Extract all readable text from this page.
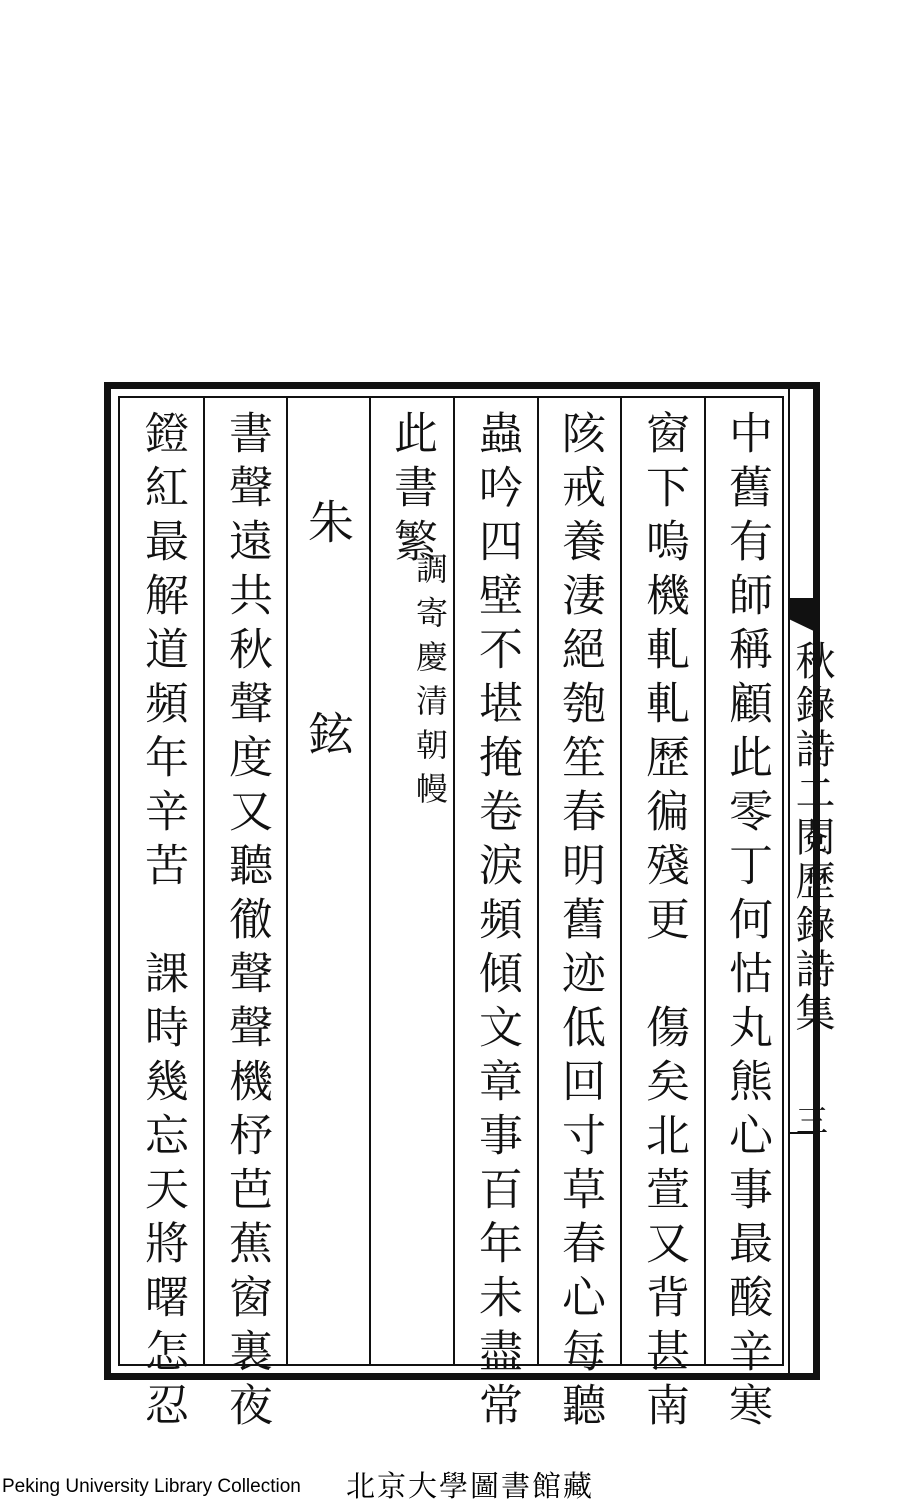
秋錄詩二閱歷錄詩集
三
中舊有師稱顧此零丁何怙丸熊心事最酸辛寒
窗下嗚機軋軋歷徧殘更　傷矣北萱又背甚南
陔戒養淒絕匏笙春明舊迹低回寸草春心每聽
蟲吟四壁不堪掩卷淚頻傾文章事百年未盡常
此書繁
調寄慶清朝幔
朱　鉉
書聲遠共秋聲度又聽徹聲聲機杼芭蕉窗裏夜
鐙紅最解道頻年辛苦　課時幾忘天將曙怎忍
Peking University Library Collection 北京大學圖書館藏
